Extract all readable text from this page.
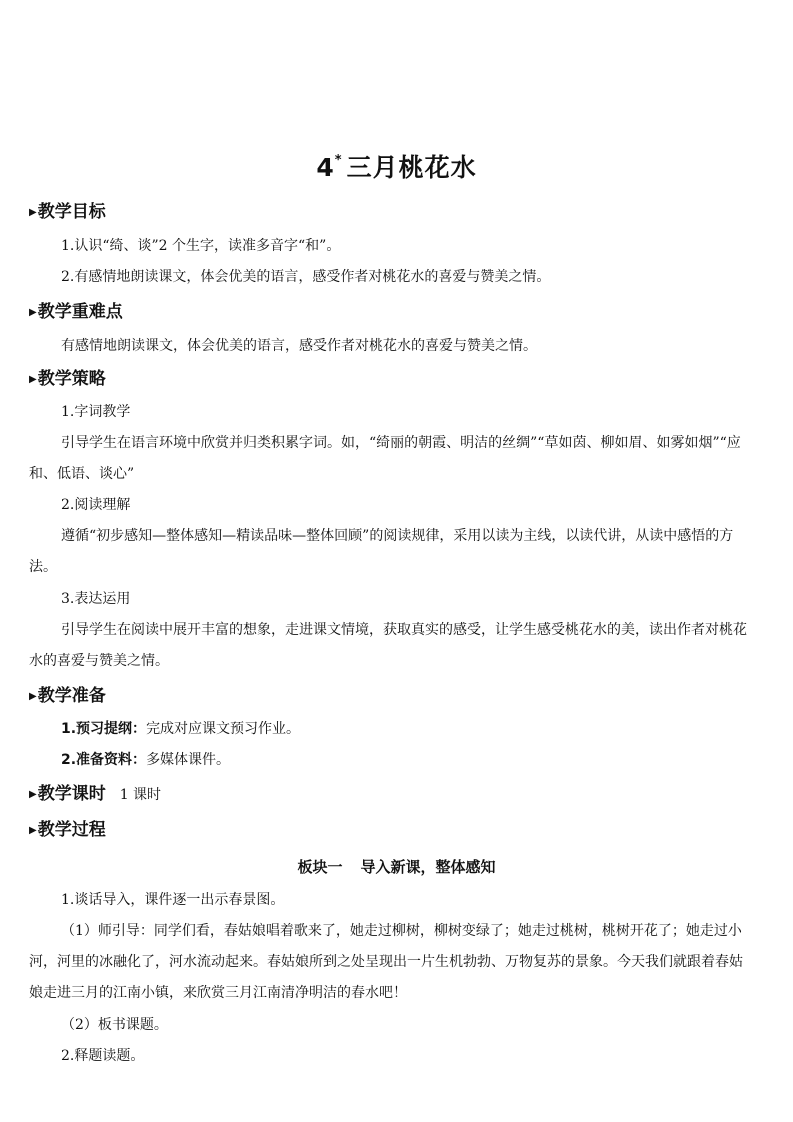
4* 三月桃花水
▶教学目标
1.认识“绮、谈”2 个生字，读准多音字“和”。
2.有感情地朗读课文，体会优美的语言，感受作者对桃花水的喜爱与赞美之情。
▶教学重难点
有感情地朗读课文，体会优美的语言，感受作者对桃花水的喜爱与赞美之情。
▶教学策略
1.字词教学
引导学生在语言环境中欣赏并归类积累字词。如，“绮丽的朝霞、明洁的丝绸”“草如茵、柳如眉、如雾如烟”“应和、低语、谈心”
2.阅读理解
遵循“初步感知—整体感知—精读品味—整体回顾”的阅读规律，采用以读为主线，以读代讲，从读中感悟的方法。
3.表达运用
引导学生在阅读中展开丰富的想象，走进课文情境，获取真实的感受，让学生感受桃花水的美，读出作者对桃花水的喜爱与赞美之情。
▶教学准备
1.预习提纲：完成对应课文预习作业。
2.准备资料：多媒体课件。
▶教学课时 1 课时
▶教学过程
板块一 导入新课，整体感知
1.谈话导入，课件逐一出示春景图。
（1）师引导：同学们看，春姑娘唱着歌来了，她走过柳树，柳树变绿了；她走过桃树，桃树开花了；她走过小河，河里的冰融化了，河水流动起来。春姑娘所到之处呈现出一片生机勃勃、万物复苏的景象。今天我们就跟着春姑娘走进三月的江南小镇，来欣赏三月江南清净明洁的春水吧！
（2）板书课题。
2.释题读题。
